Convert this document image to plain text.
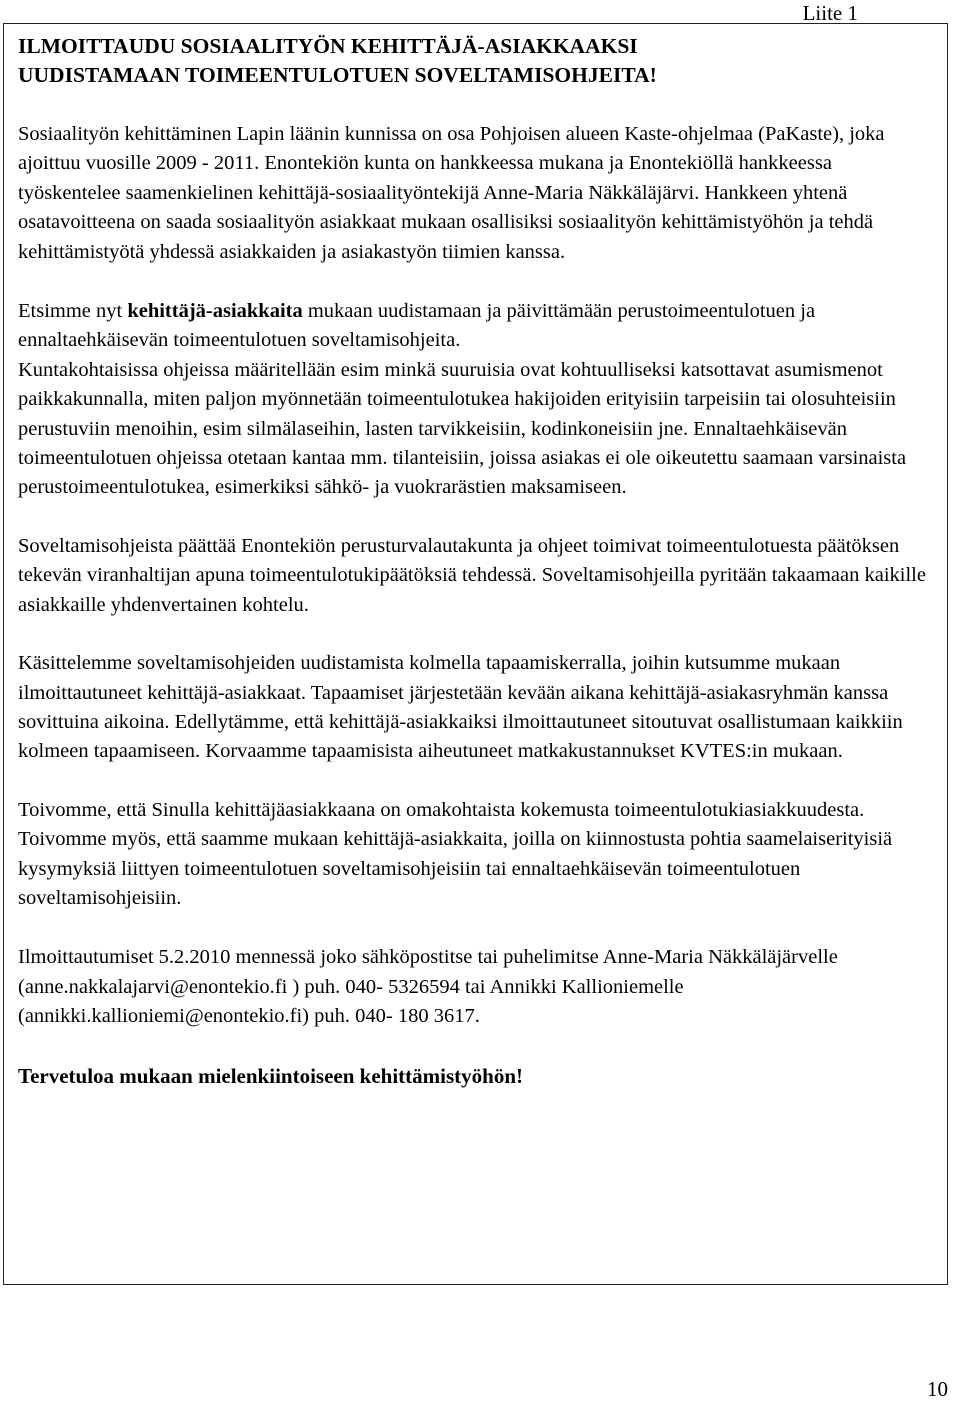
Liite 1
ILMOITTAUDU SOSIAALITYÖN KEHITTÄJÄ-ASIAKKAAKSI
UUDISTAMAAN TOIMEENTULOTUEN SOVELTAMISOHJEITA!

Sosiaalityön kehittäminen Lapin läänin kunnissa on osa Pohjoisen alueen Kaste-ohjelmaa (PaKaste), joka ajoittuu vuosille 2009 - 2011. Enontekiön kunta on hankkeessa mukana ja Enontekiöllä hankkeessa työskentelee saamenkielinen kehittäjä-sosiaalityöntekijä Anne-Maria Näkkäläjärvi. Hankkeen yhtenä osatavoitteena on saada sosiaalityön asiakkaat mukaan osallisiksi sosiaalityön kehittämistyöhön ja tehdä kehittämistyötä yhdessä asiakkaiden ja asiakastyön tiimien kanssa.

Etsimme nyt kehittäjä-asiakkaita mukaan uudistamaan ja päivittämään perustoimeentulotuen ja ennaltaehkäisevän toimeentulotuen soveltamisohjeita.

Kuntakohtaisissa ohjeissa määritellään esim minkä suuruisia ovat kohtuulliseksi katsottavat asumismenot paikkakunnalla, miten paljon myönnetään toimeentulotukea hakijoiden erityisiin tarpeisiin tai olosuhteisiin perustuviin menoihin, esim silmälaseihin, lasten tarvikkeisiin, kodinkoneisiin jne. Ennaltaehkäisevän toimeentulotuen ohjeissa otetaan kantaa mm. tilanteisiin, joissa asiakas ei ole oikeutettu saamaan varsinaista perustoimeentulotukea, esimerkiksi sähkö- ja vuokrarästien maksamiseen.

Soveltamisohjeista päättää Enontekiön perusturvalautakunta ja ohjeet toimivat toimeentulotuesta päätöksen tekevän viranhaltijan apuna toimeentulotukipäätöksiä tehdessä. Soveltamisohjeilla pyritään takaamaan kaikille asiakkaille yhdenvertainen kohtelu.

Käsittelemme soveltamisohjeiden uudistamista kolmella tapaamiskerralla, joihin kutsumme mukaan ilmoittautuneet kehittäjä-asiakkaat. Tapaamiset järjestetään kevään aikana kehittäjä-asiakasryhmän kanssa sovittuina aikoina. Edellytämme, että kehittäjä-asiakkaiksi ilmoittautuneet sitoutuvat osallistumaan kaikkiin kolmeen tapaamiseen. Korvaamme tapaamisista aiheutuneet matkakustannukset KVTES:in mukaan.

Toivomme, että Sinulla kehittäjäasiakkaana on omakohtaista kokemusta toimeentulotukiasiakkuudesta. Toivomme myös, että saamme mukaan kehittäjä-asiakkaita, joilla on kiinnostusta pohtia saamelaiserityisiä kysymyksiä liittyen toimeentulotuen soveltamisohjeisiin tai ennaltaehkäisevän toimeentulotuen soveltamisohjeisiin.

Ilmoittautumiset 5.2.2010 mennessä joko sähköpostitse tai puhelimitse Anne-Maria Näkkäläjärvelle (anne.nakkalajarvi@enontekio.fi ) puh. 040- 5326594 tai Annikki Kallioniemelle (annikki.kallioniemi@enontekio.fi) puh. 040- 180 3617.

Tervetuloa mukaan mielenkiintoiseen kehittämistyöhön!

10
